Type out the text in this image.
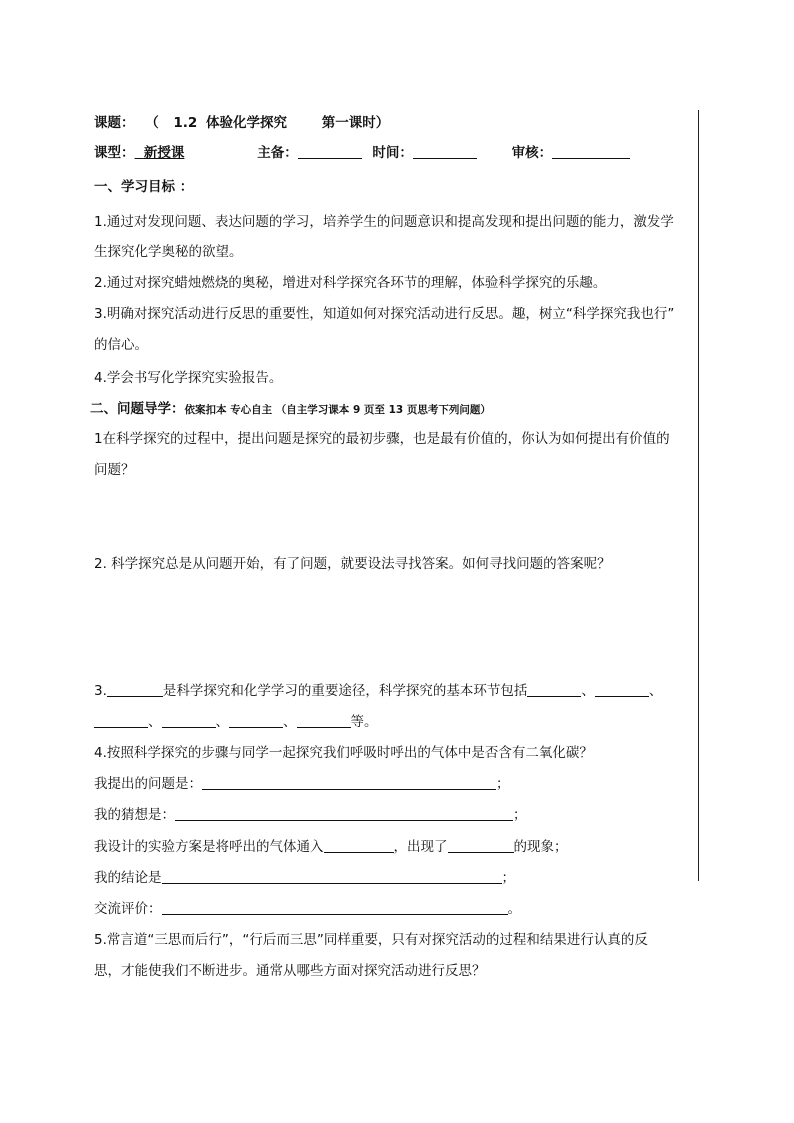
课题： （ 1.2 体验化学探究	第一课时）
课型： 新授课	主备：	时间：	审核：
一、学习目标 ：
1.通过对发现问题、表达问题的学习，培养学生的问题意识和提高发现和提出问题的能力，激发学
生探究化学奥秘的欲望。
2.通过对探究蜡烛燃烧的奥秘，增进对科学探究各环节的理解，体验科学探究的乐趣。
3.明确对探究活动进行反思的重要性，知道如何对探究活动进行反思。趣，树立“科学探究我也行”
的信心。
4.学会书写化学探究实验报告。
二、问题导学：依案扣本 专心自主 （自主学习课本 9 页至 13 页思考下列问题）
1在科学探究的过程中，提出问题是探究的最初步骤，也是最有价值的，你认为如何提出有价值的
问题？
2. 科学探究总是从问题开始，有了问题，就要设法寻找答案。如何寻找问题的答案呢？
3.	是科学探究和化学学习的重要途径，科学探究的基本环节包括	、	、
、	、	、	等。
4.按照科学探究的步骤与同学一起探究我们呼吸时呼出的气体中是否含有二氧化碳？
我提出的问题是：	；
我的猜想是：	；
我设计的实验方案是将呼出的气体通入	，出现了	的现象；
我的结论是	；
交流评价：	。
5.常言道“三思而后行”，“行后而三思”同样重要，只有对探究活动的过程和结果进行认真的反
思，才能使我们不断进步。通常从哪些方面对探究活动进行反思？
